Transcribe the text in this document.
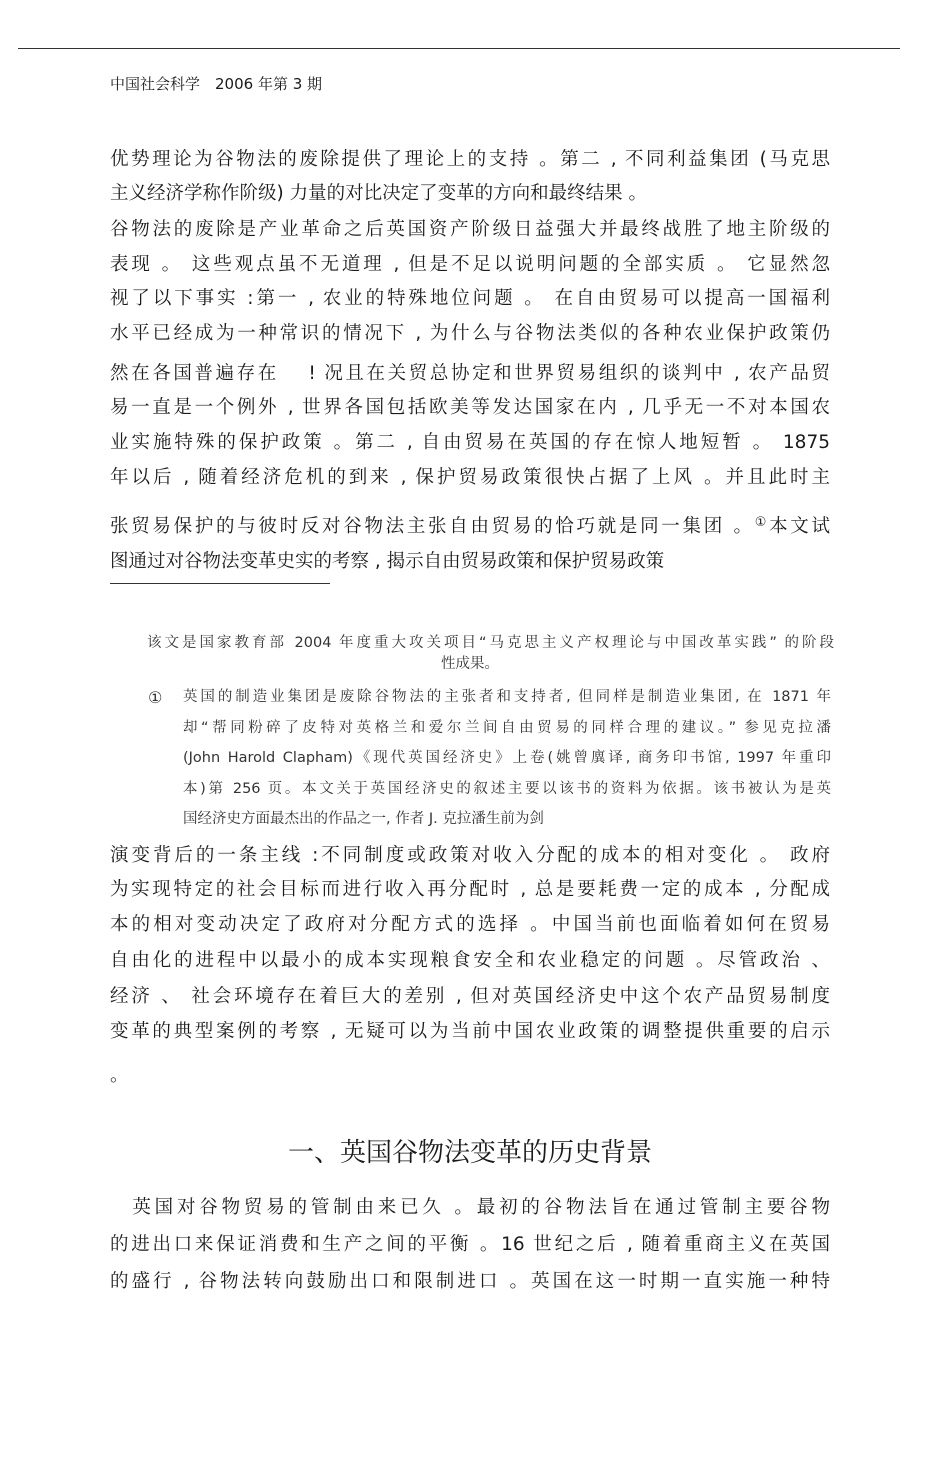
中国社会科学　2006 年第 3 期
优势理论为谷物法的废除提供了理论上的支持 。第二 , 不同利益集团 (马克思
主义经济学称作阶级) 力量的对比决定了变革的方向和最终结果 。
谷物法的废除是产业革命之后英国资产阶级日益强大并最终战胜了地主阶级的
表现 。 这些观点虽不无道理 , 但是不足以说明问题的全部实质 。 它显然忽
视了以下事实 :第一 , 农业的特殊地位问题 。 在自由贸易可以提高一国福利
水平已经成为一种常识的情况下 , 为什么与谷物法类似的各种农业保护政策仍
然在各国普遍存在 　! 况且在关贸总协定和世界贸易组织的谈判中 , 农产品贸
易一直是一个例外 , 世界各国包括欧美等发达国家在内 , 几乎无一不对本国农
业实施特殊的保护政策 。第二 , 自由贸易在英国的存在惊人地短暂 。 1875
年以后 , 随着经济危机的到来 , 保护贸易政策很快占据了上风 。并且此时主
张贸易保护的与彼时反对谷物法主张自由贸易的恰巧就是同一集团 。①本文试
图通过对谷物法变革史实的考察 , 揭示自由贸易政策和保护贸易政策
该文是国家教育部 2004 年度重大攻关项目“马克思主义产权理论与中国改革实践” 的阶段
性成果。
① 英国的制造业集团是废除谷物法的主张者和支持者, 但同样是制造业集团, 在 1871 年
却“帮同粉碎了皮特对英格兰和爱尔兰间自由贸易的同样合理的建议。” 参见克拉潘
(John Harold Clapham)《现代英国经济史》上卷(姚曾廙译, 商务印书馆, 1997 年重印
本)第 256 页。本文关于英国经济史的叙述主要以该书的资料为依据。该书被认为是英
国经济史方面最杰出的作品之一, 作者 J. 克拉潘生前为剑
演变背后的一条主线 :不同制度或政策对收入分配的成本的相对变化 。 政府
为实现特定的社会目标而进行收入再分配时 , 总是要耗费一定的成本 , 分配成
本的相对变动决定了政府对分配方式的选择 。中国当前也面临着如何在贸易
自由化的进程中以最小的成本实现粮食安全和农业稳定的问题 。尽管政治 、
经济 、 社会环境存在着巨大的差别 , 但对英国经济史中这个农产品贸易制度
变革的典型案例的考察 , 无疑可以为当前中国农业政策的调整提供重要的启示
。
一、英国谷物法变革的历史背景
　英国对谷物贸易的管制由来已久 。最初的谷物法旨在通过管制主要谷物
的进出口来保证消费和生产之间的平衡 。16 世纪之后 , 随着重商主义在英国
的盛行 , 谷物法转向鼓励出口和限制进口 。英国在这一时期一直实施一种特
